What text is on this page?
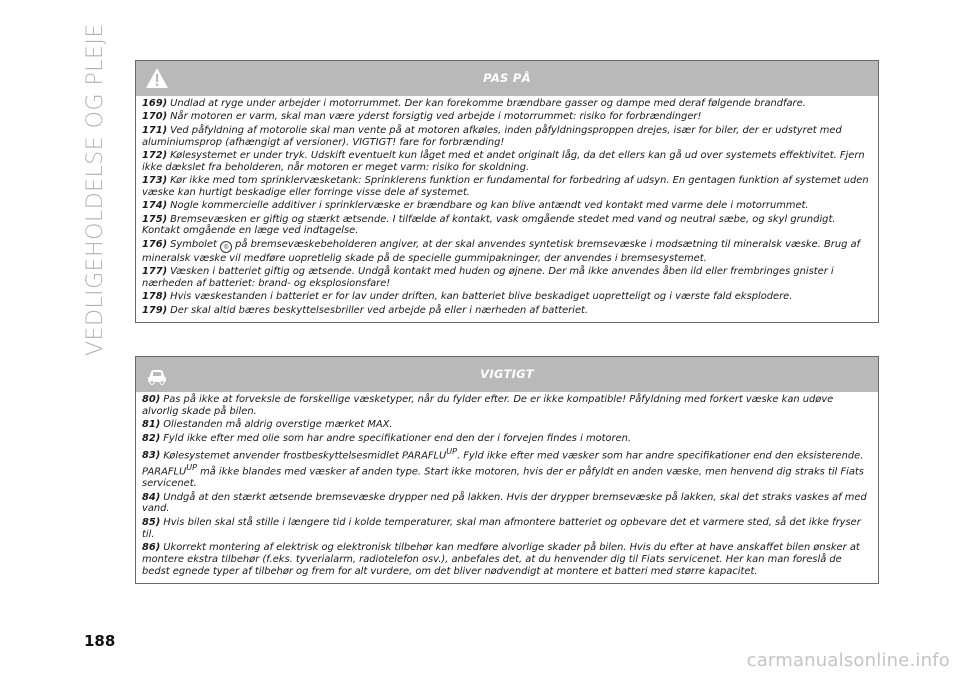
VEDLIGEHOLDELSE OG PLEJE	PAS PÅ
169) Undlad at ryge under arbejder i motorrummet. Der kan forekomme brændbare gasser og dampe med deraf følgende brandfare.
170) Når motoren er varm, skal man være yderst forsigtig ved arbejde i motorrummet: risiko for forbrændinger!
171) Ved påfyldning af motorolie skal man vente på at motoren afkøles, inden påfyldningsproppen drejes, især for biler, der er udstyret med aluminiumsprop (afhængigt af versioner). VIGTIGT! fare for forbrænding!
172) Kølesystemet er under tryk. Udskift eventuelt kun låget med et andet originalt låg, da det ellers kan gå ud over systemets effektivitet. Fjern ikke dækslet fra beholderen, når motoren er meget varm: risiko for skoldning.
173) Kør ikke med tom sprinklervæsketank: Sprinklerens funktion er fundamental for forbedring af udsyn. En gentagen funktion af systemet uden væske kan hurtigt beskadige eller forringe visse dele af systemet.
174) Nogle kommercielle additiver i sprinklervæske er brændbare og kan blive antændt ved kontakt med varme dele i motorrummet.
175) Bremsevæsken er giftig og stærkt ætsende. I tilfælde af kontakt, vask omgående stedet med vand og neutral sæbe, og skyl grundigt. Kontakt omgående en læge ved indtagelse.
176) Symbolet ◎ på bremsevæskebeholderen angiver, at der skal anvendes syntetisk bremsevæske i modsætning til mineralsk væske. Brug af mineralsk væske vil medføre uopretlelig skade på de specielle gummipakninger, der anvendes i bremsesystemet.
177) Væsken i batteriet giftig og ætsende. Undgå kontakt med huden og øjnene. Der må ikke anvendes åben ild eller frembringes gnister i nærheden af batteriet: brand- og eksplosionsfare!
178) Hvis væskestanden i batteriet er for lav under driften, kan batteriet blive beskadiget uopretteligt og i værste fald eksplodere.
179) Der skal altid bæres beskyttelsesbriller ved arbejde på eller i nærheden af batteriet.
VIGTIGT
80) Pas på ikke at forveksle de forskellige væsketyper, når du fylder efter. De er ikke kompatible! Påfyldning med forkert væske kan udøve alvorlig skade på bilen.
81) Oliestanden må aldrig overstige mærket MAX.
82) Fyld ikke efter med olie som har andre specifikationer end den der i forvejen findes i motoren.
83) Kølesystemet anvender frostbeskyttelsesmidlet $PARAFLU^{UP}$. Fyld ikke efter med væsker som har andre specifikationer end den eksisterende. $PARAFLU^{UP}$ må ikke blandes med væsker af anden type. Start ikke motoren, hvis der er påfyldt en anden væske, men henvend dig straks til Fiats servicenet.
84) Undgå at den stærkt ætsende bremsevæske drypper ned på lakken. Hvis der drypper bremsevæske på lakken, skal det straks vaskes af med vand.
85) Hvis bilen skal stå stille i længere tid i kolde temperaturer, skal man afmontere batteriet og opbevare det et varmere sted, så det ikke fryser til.
86) Ukorrekt montering af elektrisk og elektronisk tilbehør kan medføre alvorlige skader på bilen. Hvis du efter at have anskaffet bilen ønsker at montere ekstra tilbehør (f.eks. tyverialarm, radiotelefon osv.), anbefales det, at du henvender dig til Fiats servicenet. Her kan man foreslå de bedst egnede typer af tilbehør og frem for alt vurdere, om det bliver nødvendigt at montere et batteri med større kapacitet.
188
carmanualsonline.info
